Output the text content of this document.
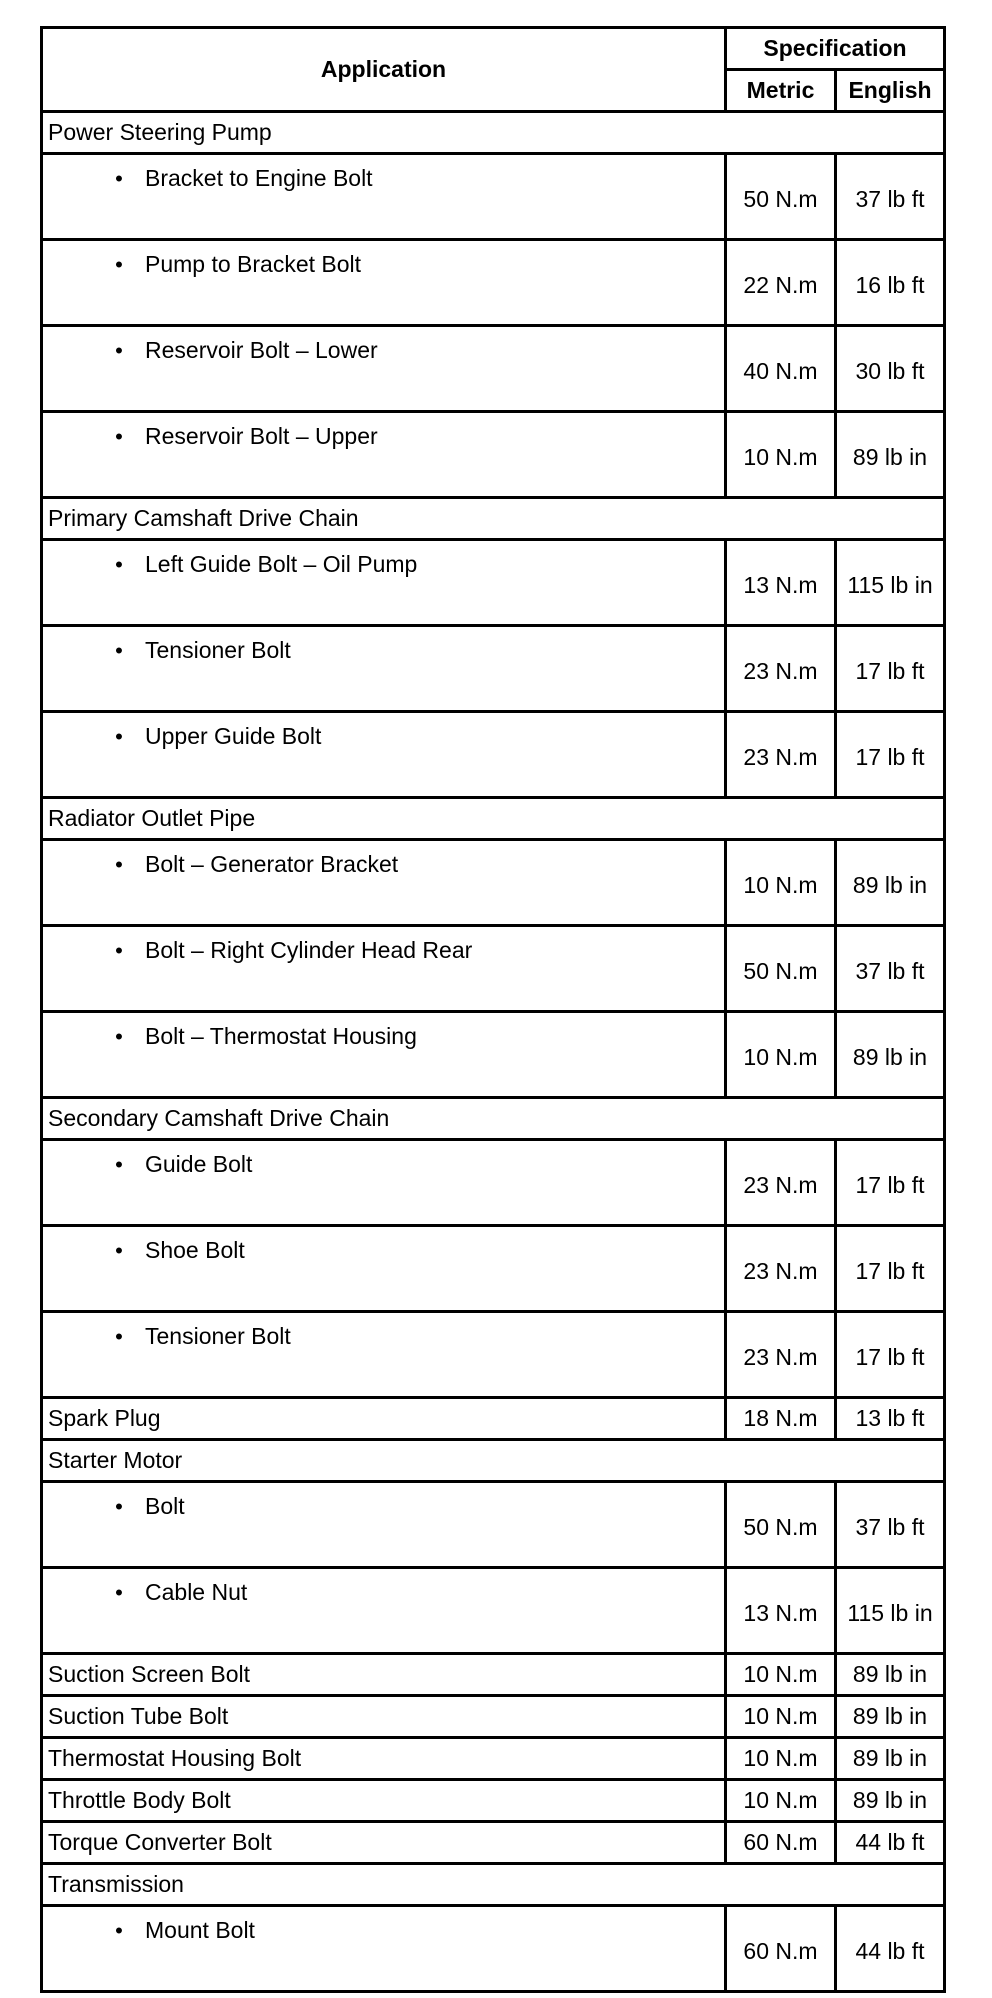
Application	Specification	
	Metric	English
Power Steering Pump		
• Bracket to Engine Bolt	50 N.m	37 lb ft
• Pump to Bracket Bolt	22 N.m	16 lb ft
• Reservoir Bolt – Lower	40 N.m	30 lb ft
• Reservoir Bolt – Upper	10 N.m	89 lb in
Primary Camshaft Drive Chain		
• Left Guide Bolt – Oil Pump	13 N.m	115 lb in
• Tensioner Bolt	23 N.m	17 lb ft
• Upper Guide Bolt	23 N.m	17 lb ft
Radiator Outlet Pipe		
• Bolt – Generator Bracket	10 N.m	89 lb in
• Bolt – Right Cylinder Head Rear	50 N.m	37 lb ft
• Bolt – Thermostat Housing	10 N.m	89 lb in
Secondary Camshaft Drive Chain		
• Guide Bolt	23 N.m	17 lb ft
• Shoe Bolt	23 N.m	17 lb ft
• Tensioner Bolt	23 N.m	17 lb ft
Spark Plug	18 N.m	13 lb ft
Starter Motor		
• Bolt	50 N.m	37 lb ft
• Cable Nut	13 N.m	115 lb in
Suction Screen Bolt	10 N.m	89 lb in
Suction Tube Bolt	10 N.m	89 lb in
Thermostat Housing Bolt	10 N.m	89 lb in
Throttle Body Bolt	10 N.m	89 lb in
Torque Converter Bolt	60 N.m	44 lb ft
Transmission		
• Mount Bolt	60 N.m	44 lb ft
